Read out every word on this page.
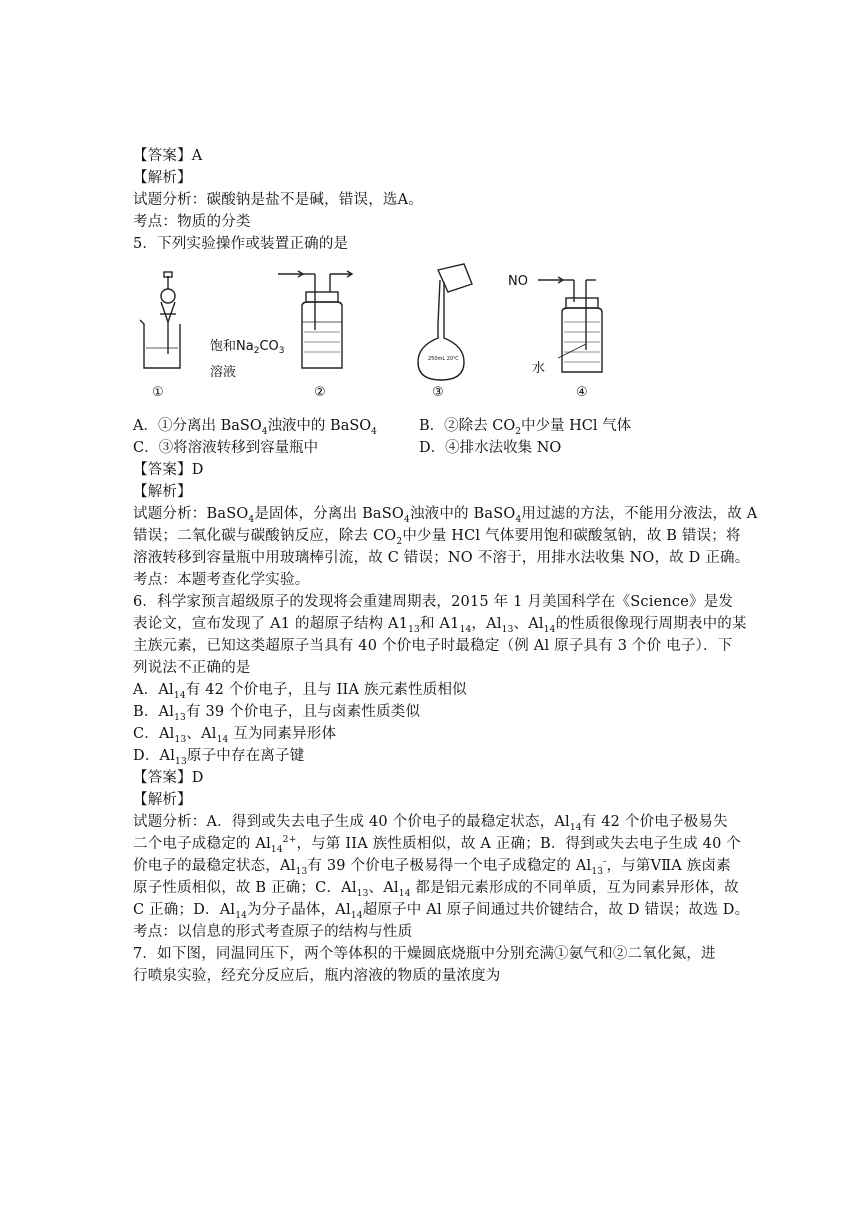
【答案】A
【解析】
试题分析：碳酸钠是盐不是碱，错误，选A。
考点：物质的分类
5．下列实验操作或装置正确的是
饱和$Na_2CO_3$
溶液
①	②	③	④
NO
水
250mL 20℃
A．①分离出 BaSO$_4$浊液中的 BaSO$_4$	B．②除去 $CO_2$中少量 HCl 气体
C．③将溶液转移到容量瓶中	D．④排水法收集 NO
【答案】D
【解析】
试题分析：BaSO$_4$是固体，分离出 BaSO$_4$浊液中的 BaSO$_4$用过滤的方法，不能用分液法，故 A
错误；二氧化碳与碳酸钠反应，除去 $CO_2$中少量 HCl 气体要用饱和碳酸氢钠，故 B 错误；将
溶液转移到容量瓶中用玻璃棒引流，故 C 错误；NO 不溶于，用排水法收集 NO，故 D 正确。
考点：本题考查化学实验。
6．科学家预言超级原子的发现将会重建周期表，2015 年 1 月美国科学在《Science》是发
表论文，宣布发现了 A1 的超原子结构 $A1_{13}$和 $A1_{14}$，$Al_{13}$、$Al_{14}$的性质很像现行周期表中的某
主族元素，已知这类超原子当具有 40 个价电子时最稳定（例 Al 原子具有 3 个价 电子）．下
列说法不正确的是
A．$Al_{14}$有 42 个价电子，且与 IIA 族元素性质相似
B．$Al_{13}$有 39 个价电子，且与卤素性质类似
C．$Al_{13}$、$Al_{14}$ 互为同素异形体
D．$Al_{13}$原子中存在离子键
【答案】D
【解析】
试题分析：A．得到或失去电子生成 40 个价电子的最稳定状态，$Al_{14}$有 42 个价电子极易失
二个电子成稳定的 $Al_{14}^{2+}$，与第 IIA 族性质相似，故 A 正确；B．得到或失去电子生成 40 个
价电子的最稳定状态，$Al_{13}$有 39 个价电子极易得一个电子成稳定的 $Al_{13}^-$，与第ⅤⅡA 族卤素
原子性质相似，故 B 正确；C．$Al_{13}$、$Al_{14}$ 都是铝元素形成的不同单质，互为同素异形体，故
C 正确；D．$Al_{14}$为分子晶体，$Al_{14}$超原子中 Al 原子间通过共价键结合，故 D 错误；故选 D。
考点：以信息的形式考查原子的结构与性质
7．如下图，同温同压下，两个等体积的干燥圆底烧瓶中分别充满①氨气和②二氧化氮，进
行喷泉实验，经充分反应后，瓶内溶液的物质的量浓度为
